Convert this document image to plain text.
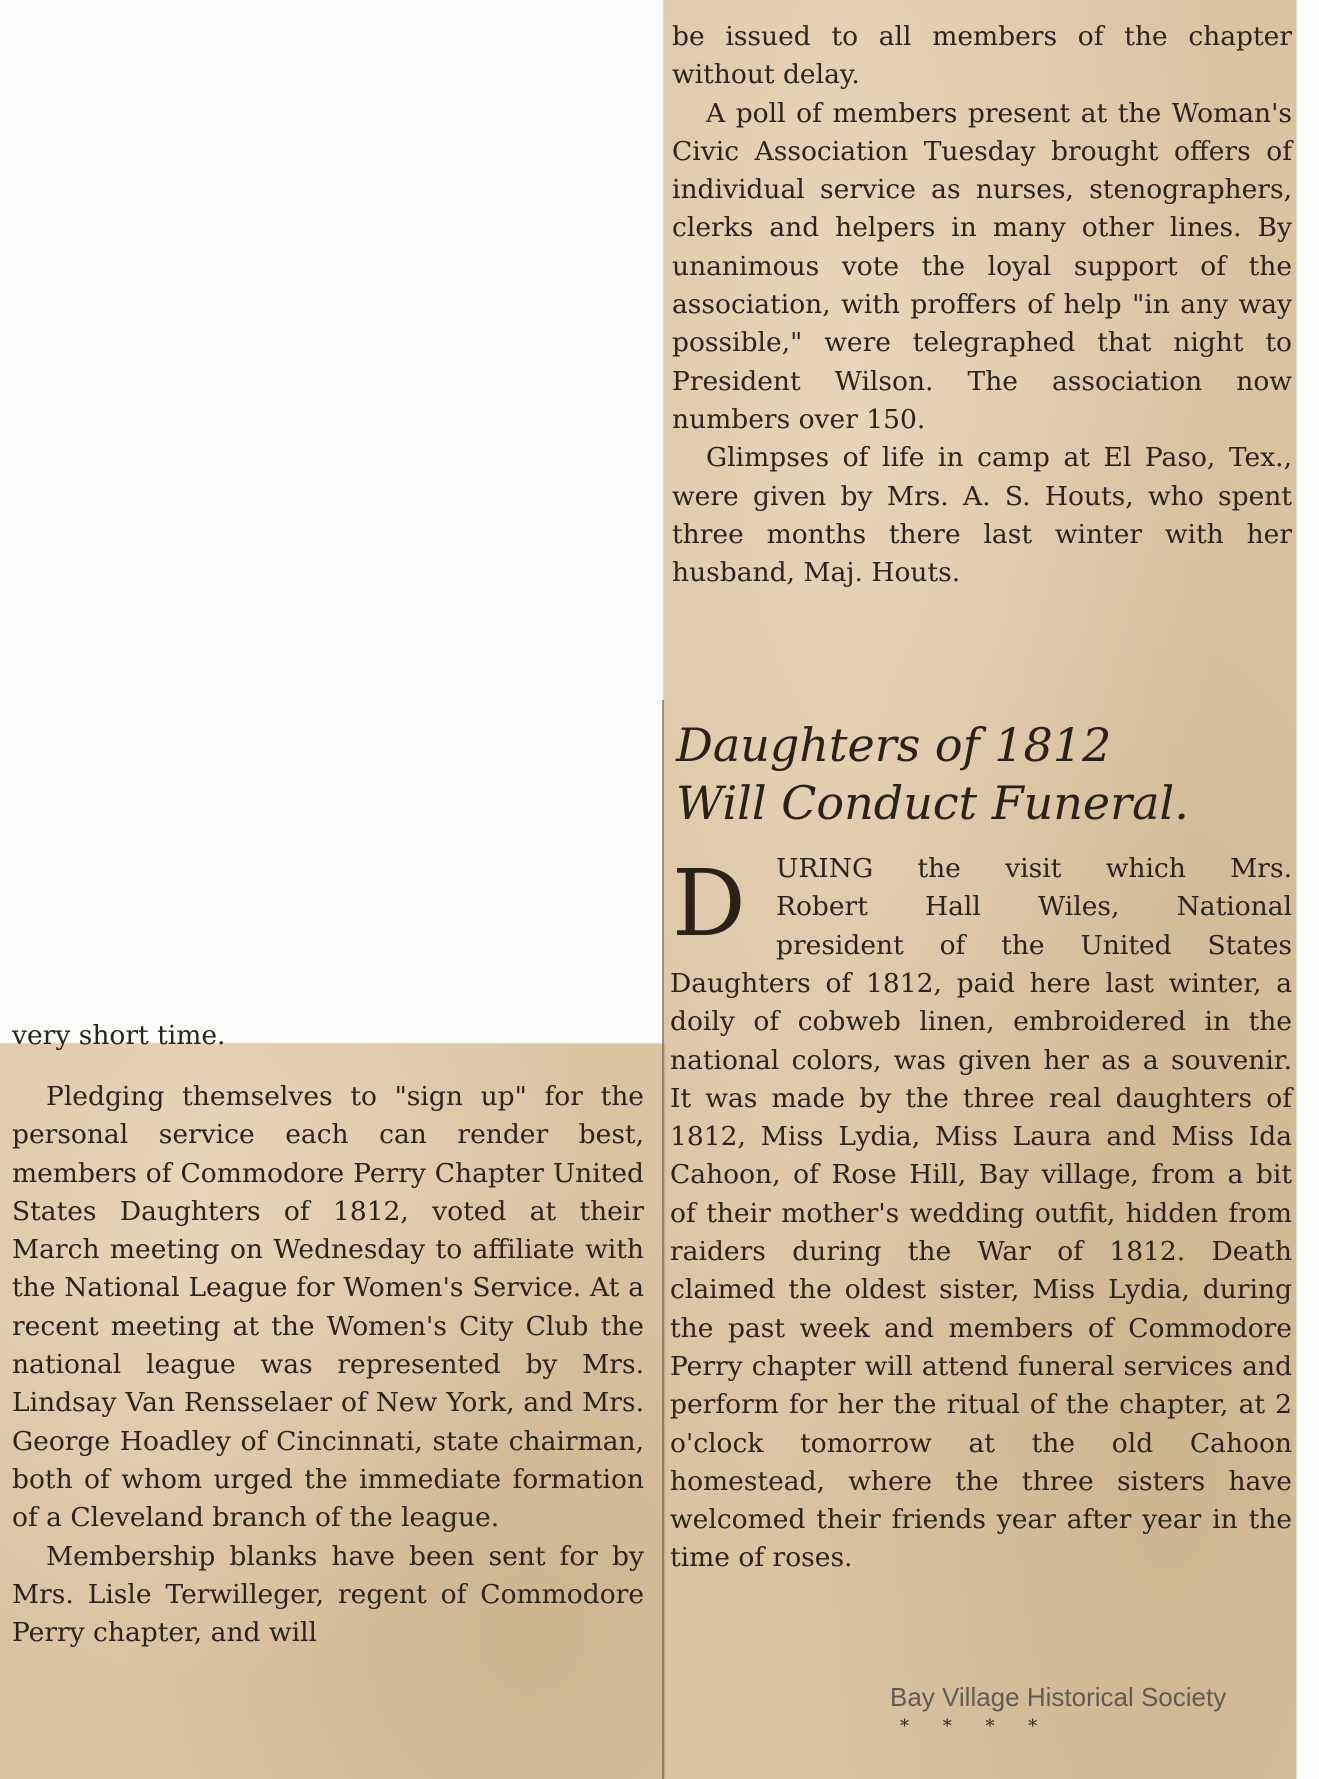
be issued to all members of the chapter without delay.

A poll of members present at the Woman's Civic Association Tuesday brought offers of individual service as nurses, stenographers, clerks and helpers in many other lines. By unanimous vote the loyal support of the association, with proffers of help "in any way possible," were telegraphed that night to President Wilson. The association now numbers over 150.

Glimpses of life in camp at El Paso, Tex., were given by Mrs. A. S. Houts, who spent three months there last winter with her husband, Maj. Houts.

Daughters of 1812
Will Conduct Funeral.
D URING the visit which Mrs.

Robert Hall Wiles, National

president of the United States

Daughters of 1812, paid here last winter, a doily of cobweb linen, embroidered in the national colors, was given her as a souvenir. It was made by the three real daughters of 1812, Miss Lydia, Miss Laura and Miss Ida Cahoon, of Rose Hill, Bay village, from a bit of their mother's wedding outfit, hidden from raiders during the War of 1812. Death claimed the oldest sister, Miss Lydia, during the past week and members of Commodore Perry chapter will attend funeral services and perform for her the ritual of the chapter, at 2 o'clock tomorrow at the old Cahoon homestead, where the three sisters have welcomed their friends year after year in the time of roses.

* * * *
very short time.

Pledging themselves to "sign up" for the personal service each can render best, members of Commodore Perry Chapter United States Daughters of 1812, voted at their March meeting on Wednesday to affiliate with the National League for Women's Service. At a recent meeting at the Women's City Club the national league was represented by Mrs. Lindsay Van Rensselaer of New York, and Mrs. George Hoadley of Cincinnati, state chairman, both of whom urged the immediate formation of a Cleveland branch of the league.

Membership blanks have been sent for by Mrs. Lisle Terwilleger, regent of Commodore Perry chapter, and will

Bay Village Historical Society
